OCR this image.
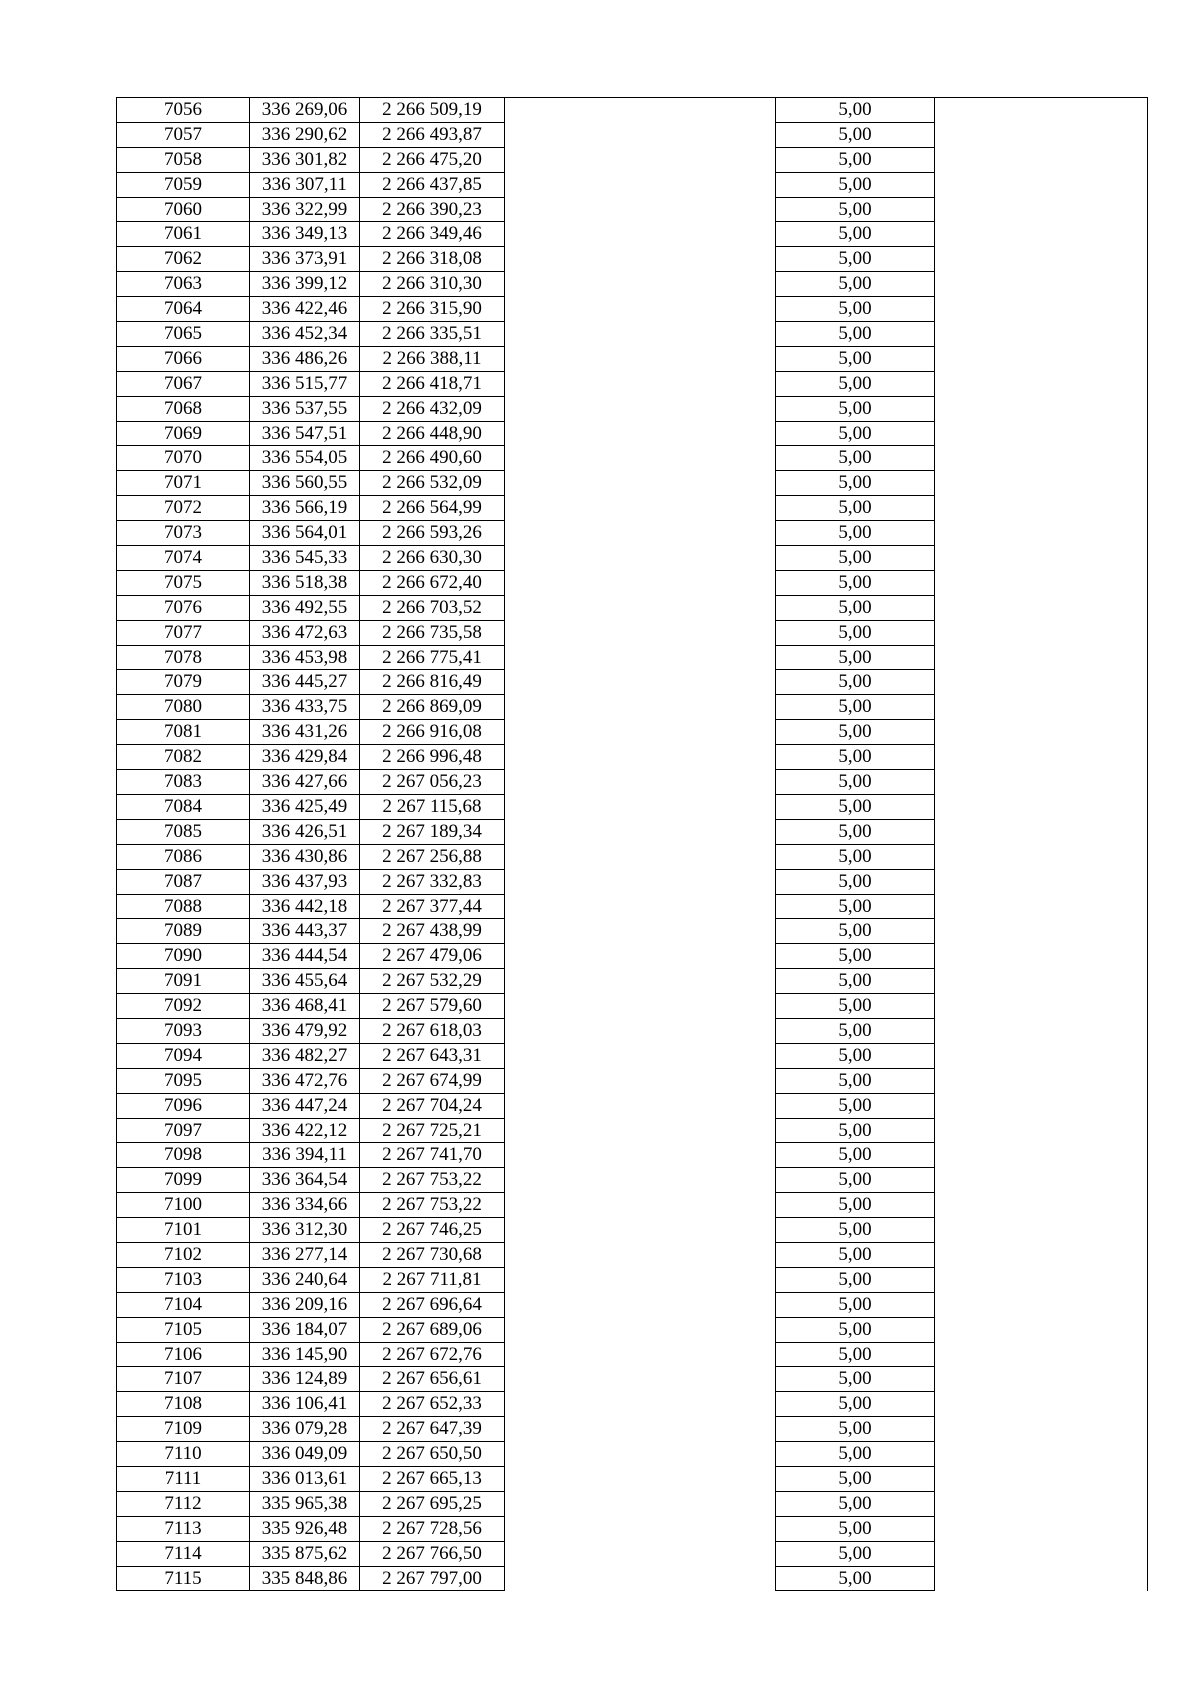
7056	336 269,06	2 266 509,19	5,00
7057	336 290,62	2 266 493,87	5,00
7058	336 301,82	2 266 475,20	5,00
7059	336 307,11	2 266 437,85	5,00
7060	336 322,99	2 266 390,23	5,00
7061	336 349,13	2 266 349,46	5,00
7062	336 373,91	2 266 318,08	5,00
7063	336 399,12	2 266 310,30	5,00
7064	336 422,46	2 266 315,90	5,00
7065	336 452,34	2 266 335,51	5,00
7066	336 486,26	2 266 388,11	5,00
7067	336 515,77	2 266 418,71	5,00
7068	336 537,55	2 266 432,09	5,00
7069	336 547,51	2 266 448,90	5,00
7070	336 554,05	2 266 490,60	5,00
7071	336 560,55	2 266 532,09	5,00
7072	336 566,19	2 266 564,99	5,00
7073	336 564,01	2 266 593,26	5,00
7074	336 545,33	2 266 630,30	5,00
7075	336 518,38	2 266 672,40	5,00
7076	336 492,55	2 266 703,52	5,00
7077	336 472,63	2 266 735,58	5,00
7078	336 453,98	2 266 775,41	5,00
7079	336 445,27	2 266 816,49	5,00
7080	336 433,75	2 266 869,09	5,00
7081	336 431,26	2 266 916,08	5,00
7082	336 429,84	2 266 996,48	5,00
7083	336 427,66	2 267 056,23	5,00
7084	336 425,49	2 267 115,68	5,00
7085	336 426,51	2 267 189,34	5,00
7086	336 430,86	2 267 256,88	5,00
7087	336 437,93	2 267 332,83	5,00
7088	336 442,18	2 267 377,44	5,00
7089	336 443,37	2 267 438,99	5,00
7090	336 444,54	2 267 479,06	5,00
7091	336 455,64	2 267 532,29	5,00
7092	336 468,41	2 267 579,60	5,00
7093	336 479,92	2 267 618,03	5,00
7094	336 482,27	2 267 643,31	5,00
7095	336 472,76	2 267 674,99	5,00
7096	336 447,24	2 267 704,24	5,00
7097	336 422,12	2 267 725,21	5,00
7098	336 394,11	2 267 741,70	5,00
7099	336 364,54	2 267 753,22	5,00
7100	336 334,66	2 267 753,22	5,00
7101	336 312,30	2 267 746,25	5,00
7102	336 277,14	2 267 730,68	5,00
7103	336 240,64	2 267 711,81	5,00
7104	336 209,16	2 267 696,64	5,00
7105	336 184,07	2 267 689,06	5,00
7106	336 145,90	2 267 672,76	5,00
7107	336 124,89	2 267 656,61	5,00
7108	336 106,41	2 267 652,33	5,00
7109	336 079,28	2 267 647,39	5,00
7110	336 049,09	2 267 650,50	5,00
7111	336 013,61	2 267 665,13	5,00
7112	335 965,38	2 267 695,25	5,00
7113	335 926,48	2 267 728,56	5,00
7114	335 875,62	2 267 766,50	5,00
7115	335 848,86	2 267 797,00	5,00
